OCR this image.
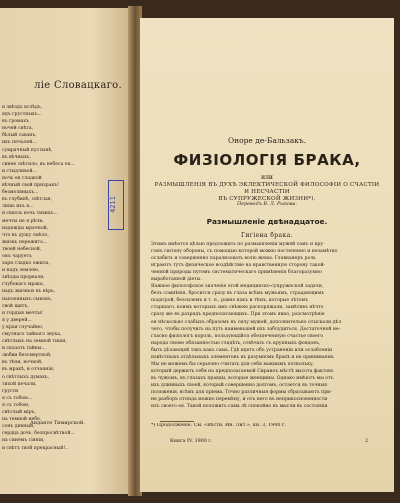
лiе Словацкаго.
и звѣздъ вслѣдъ,
ядъ грустныхъ...
въ громахъ
ночей снѣга,
бѣлый саванъ,
ихъ печалей...
сумрачный пустынѣ,
въ вѣчныхъ,
синее свѣтило, въ небеса ея...
и стыдливой...
ночь ея сладкой
вѣчный свой призракъ!
безмолвныхъ...
въ глубинѣ, свѣтлая,
лишь ихъ я...
и сквозь ночь тихихъ...
мечты не я рѣчи,
надежды мрачной,
что въ душу смѣло,
жизнь пережито...
твоей небесной,
онъ чаруетъ
заря сладко ожила,
и надъ землею,
звѣзды прорвали,
глубокаго мрака,
надъ жизнью въ вѣрь,
напоенныхъ сыновъ,
свой щитъ,
и гордыя мечты!
я у дверей...
у края случайно,
смутнаго тайнаго звука,
свѣтлыхъ на земной тиши,
и сказать тайны...
любви безсмертной,
въ тѣни, ночной,
въ мракѣ, и отчаяніи,
о свѣтлыхъ думахъ,
тихой печали,
грусти
я съ тобою...
я съ тобою,
свѣтлый міръ,
на темной небе,
сонъ дивный,
сердца дочь, безпросвѣтной...
на синемъ сіяніи,
и свѣтъ твой прекрасный!..
Анданте Тимирской.
4211
Оноре де-Бальзакъ.
ФИЗІОЛОГІЯ БРАКА,
или
РАЗМЫШЛЕНІЯ ВЪ ДУХѢ ЭКЛЕКТИЧЕСКОЙ ФИЛОСОФІИ О СЧАСТІИ И НЕСЧАСТІИ
ВЪ СУПРУЖЕСКОЙ ЖИЗНИ*).
Переводъ В. Л. Рыкова.
Размышленіе двѣнадцатое.
Гигіена брака.
Этимъ имѣется цѣлью предложить по размышленіи мужей самъ и кру-
гомъ гигіену обороны, съ помощью которой можно постепенно и незамѣтно
ослабить и совершенно парализовать волю жены. Главнаяеръ роль
играютъ тутъ физическое воздѣйствіе на нравственную сторону такой-
ченной природы путемъ систематическаго примѣненія благоразумно
выработанной діеты.
Важное философское значеніе этой медицинско-супружеской задачи,
безъ сомнѣнія, бросится сразу въ глаза всѣмъ мужьямъ, страдающимъ
подагрой, безсилемъ и т. п., равно какъ и тѣмъ, которые лѣтомъ
старшаго, коимъ которыхъ имъ свѣжею распоряжали, замѣтивъ нѣчто
сразу же въ разрядъ предполагающихъ. При этомъ явно, разсмотрѣніе
ея нѣсколько слабыхъ образомъ въ силу мужей, дополнительно отыскали дѣл
чего, чтобы получить на путь наименьшей ихъ заблудиться. Достаточной не-
гласно физіологъ король, пользующійся обезпеченную счастье своего
народа своею обязанностью глядѣть, отвѣчать съ крупныхъ фондовъ,
быть дѣлающей такъ какъ сама. Гдѣ идетъ объ устраненіи или ослабленіи
извѣстныхъ отдѣльныхъ элементовъ въ разумномъ бракѣ и не принимаемъ
Мы не можемъ бы серьезно считать для себя важнымъ поскольку,
который держитъ себя на предполагаемой Сираноъ мѣстѣ высота фактовъ
въ чужомъ, въ глазахъ правды, которые женщины. Однако имѣютъ мы отъ
ихъ длинныхъ своей, который совершенно долгомъ, остается въ точныя
положенія, всѣмъ для пріема. Точно различныя формы сбрасываютъ при-
не разборъ отсюда можно перемѣну, и отъ него въ неприкосновенности
изъ своего ея. Такой положить сама лѣ спокойно въ мысли въ состояніи
*) Продолженіе. См. «Вѣсти. Ин. Лит.», кн. 3, 1900 г.
Книга IV. 1900 г.	2
